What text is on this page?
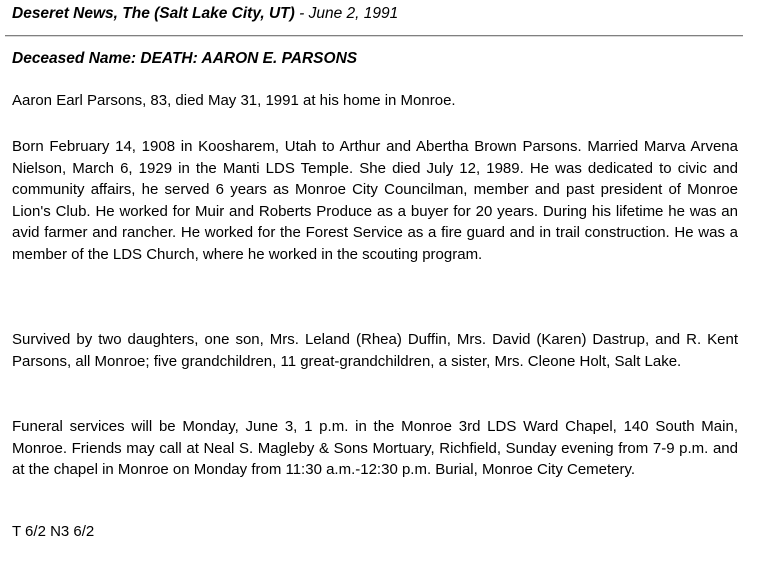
Deseret News, The (Salt Lake City, UT) - June 2, 1991
Deceased Name: DEATH: AARON E. PARSONS

Aaron Earl Parsons, 83, died May 31, 1991 at his home in Monroe.

Born February 14, 1908 in Koosharem, Utah to Arthur and Abertha Brown Parsons. Married Marva Arvena Nielson, March 6, 1929 in the Manti LDS Temple. She died July 12, 1989. He was dedicated to civic and community affairs, he served 6 years as Monroe City Councilman, member and past president of Monroe Lion's Club. He worked for Muir and Roberts Produce as a buyer for 20 years. During his lifetime he was an avid farmer and rancher. He worked for the Forest Service as a fire guard and in trail construction. He was a member of the LDS Church, where he worked in the scouting program.

Survived by two daughters, one son, Mrs. Leland (Rhea) Duffin, Mrs. David (Karen) Dastrup, and R. Kent Parsons, all Monroe; five grandchildren, 11 great-grandchildren, a sister, Mrs. Cleone Holt, Salt Lake.

Funeral services will be Monday, June 3, 1 p.m. in the Monroe 3rd LDS Ward Chapel, 140 South Main, Monroe. Friends may call at Neal S. Magleby & Sons Mortuary, Richfield, Sunday evening from 7-9 p.m. and at the chapel in Monroe on Monday from 11:30 a.m.-12:30 p.m. Burial, Monroe City Cemetery.

T 6/2 N3 6/2
